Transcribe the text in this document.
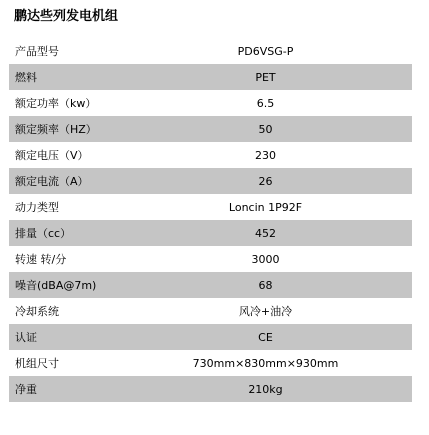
鹏达些列发电机组
产品型号	PD6VSG-P
燃料	PET
额定功率（kw）	6.5
额定频率（HZ）	50
额定电压（V）	230
额定电流（A）	26
动力类型	Loncin 1P92F
排量（cc）	452
转速 转/分	3000
噪音(dBA@7m)	68
冷却系统	风冷+油冷
认证	CE
机组尺寸	730mm×830mm×930mm
净重	210kg
